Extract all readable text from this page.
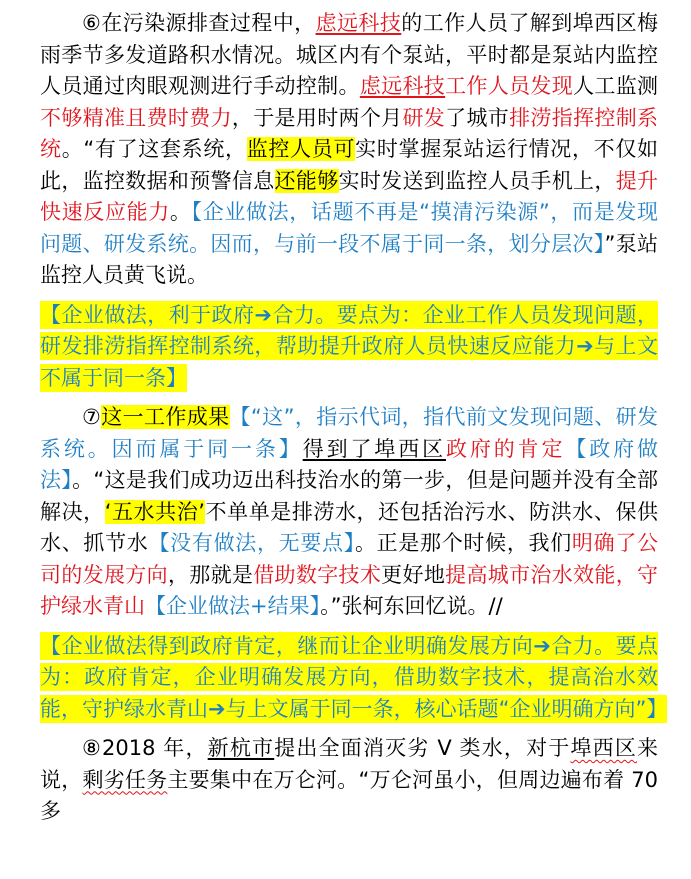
⑥在污染源排查过程中，虑远科技的工作人员了解到埠西区梅雨季节多发道路积水情况。城区内有个泵站，平时都是泵站内监控人员通过肉眼观测进行手动控制。虑远科技工作人员发现人工监测不够精准且费时费力，于是用时两个月研发了城市排涝指挥控制系统。“有了这套系统，监控人员可实时掌握泵站运行情况，不仅如此，监控数据和预警信息还能够实时发送到监控人员手机上，提升快速反应能力。【企业做法，话题不再是“摸清污染源”，而是发现问题、研发系统。因而，与前一段不属于同一条，划分层次】”泵站监控人员黄飞说。

【企业做法，利于政府➔合力。要点为：企业工作人员发现问题，研发排涝指挥控制系统，帮助提升政府人员快速反应能力➔与上文不属于同一条】

⑦这一工作成果【“这”，指示代词，指代前文发现问题、研发系统。因而属于同一条】得到了埠西区政府的肯定【政府做法】。“这是我们成功迈出科技治水的第一步，但是问题并没有全部解决，‘五水共治’不单单是排涝水，还包括治污水、防洪水、保供水、抓节水【没有做法，无要点】。正是那个时候，我们明确了公司的发展方向，那就是借助数字技术更好地提高城市治水效能，守护绿水青山【企业做法+结果】。”张柯东回忆说。//

【企业做法得到政府肯定，继而让企业明确发展方向➔合力。要点为：政府肯定，企业明确发展方向，借助数字技术，提高治水效能，守护绿水青山➔与上文属于同一条，核心话题“企业明确方向”】

⑧2018 年，新杭市提出全面消灭劣 V 类水，对于埠西区来说，剩劣任务主要集中在万仑河。“万仑河虽小，但周边遍布着 70 多
